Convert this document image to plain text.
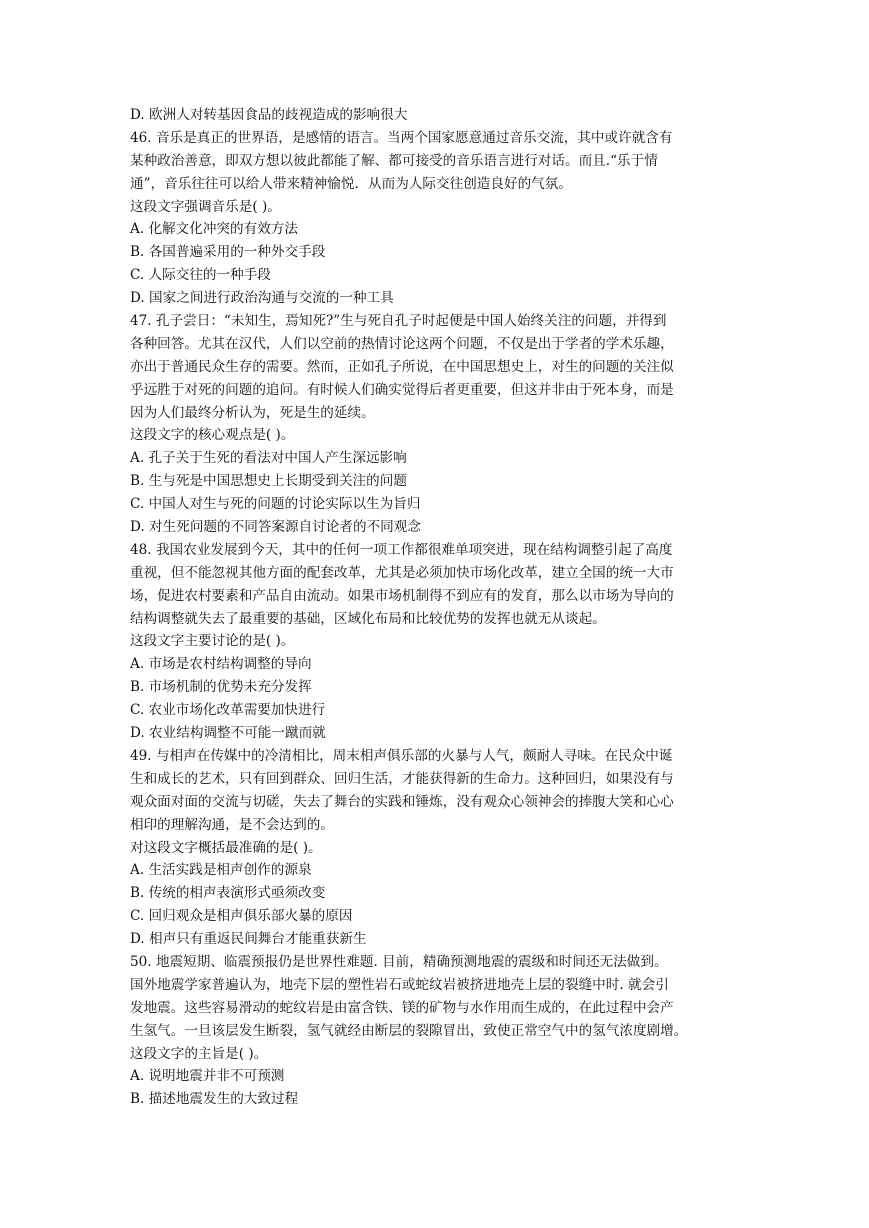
D. 欧洲人对转基因食品的歧视造成的影响很大
46. 音乐是真正的世界语，是感情的语言。当两个国家愿意通过音乐交流，其中或许就含有
某种政治善意，即双方想以彼此都能了解、都可接受的音乐语言进行对话。而且.“乐于情
通”，音乐往往可以给人带来精神愉悦．从而为人际交往创造良好的气氛。
这段文字强调音乐是( )。
A. 化解文化冲突的有效方法
B. 各国普遍采用的一种外交手段
C. 人际交往的一种手段
D. 国家之间进行政治沟通与交流的一种工具
47. 孔子尝日：“未知生，焉知死?”生与死自孔子时起便是中国人始终关注的问题，并得到
各种回答。尤其在汉代，人们以空前的热情讨论这两个问题，不仅是出于学者的学术乐趣，
亦出于普通民众生存的需要。然而，正如孔子所说，在中国思想史上，对生的问题的关注似
乎远胜于对死的问题的追问。有时候人们确实觉得后者更重要，但这并非由于死本身，而是
因为人们最终分析认为，死是生的延续。
这段文字的核心观点是( )。
A. 孔子关于生死的看法对中国人产生深远影响
B. 生与死是中国思想史上长期受到关注的问题
C. 中国人对生与死的问题的讨论实际以生为旨归
D. 对生死问题的不同答案源自讨论者的不同观念
48. 我国农业发展到今天，其中的任何一项工作都很难单项突进，现在结构调整引起了高度
重视，但不能忽视其他方面的配套改革，尤其是必须加快市场化改革，建立全国的统一大市
场，促进农村要素和产品自由流动。如果市场机制得不到应有的发育，那么以市场为导向的
结构调整就失去了最重要的基础，区域化布局和比较优势的发挥也就无从谈起。
这段文字主要讨论的是( )。
A. 市场是农村结构调整的导向
B. 市场机制的优势未充分发挥
C. 农业市场化改革需要加快进行
D. 农业结构调整不可能一蹴而就
49. 与相声在传媒中的冷清相比，周末相声俱乐部的火暴与人气，颇耐人寻味。在民众中诞
生和成长的艺术，只有回到群众、回归生活，才能获得新的生命力。这种回归，如果没有与
观众面对面的交流与切磋，失去了舞台的实践和锤炼，没有观众心领神会的捧腹大笑和心心
相印的理解沟通，是不会达到的。
对这段文字概括最准确的是( )。
A. 生活实践是相声创作的源泉
B. 传统的相声表演形式亟须改变
C. 回归观众是相声俱乐部火暴的原因
D. 相声只有重返民间舞台才能重获新生
50. 地震短期、临震预报仍是世界性难题. 目前，精确预测地震的震级和时间还无法做到。
国外地震学家普遍认为，地壳下层的塑性岩石或蛇纹岩被挤进地壳上层的裂缝中时. 就会引
发地震。这些容易滑动的蛇纹岩是由富含铁、镁的矿物与水作用而生成的，在此过程中会产
生氢气。一旦该层发生断裂，氢气就经由断层的裂隙冒出，致使正常空气中的氢气浓度剧增。
这段文字的主旨是( )。
A. 说明地震并非不可预测
B. 描述地震发生的大致过程
